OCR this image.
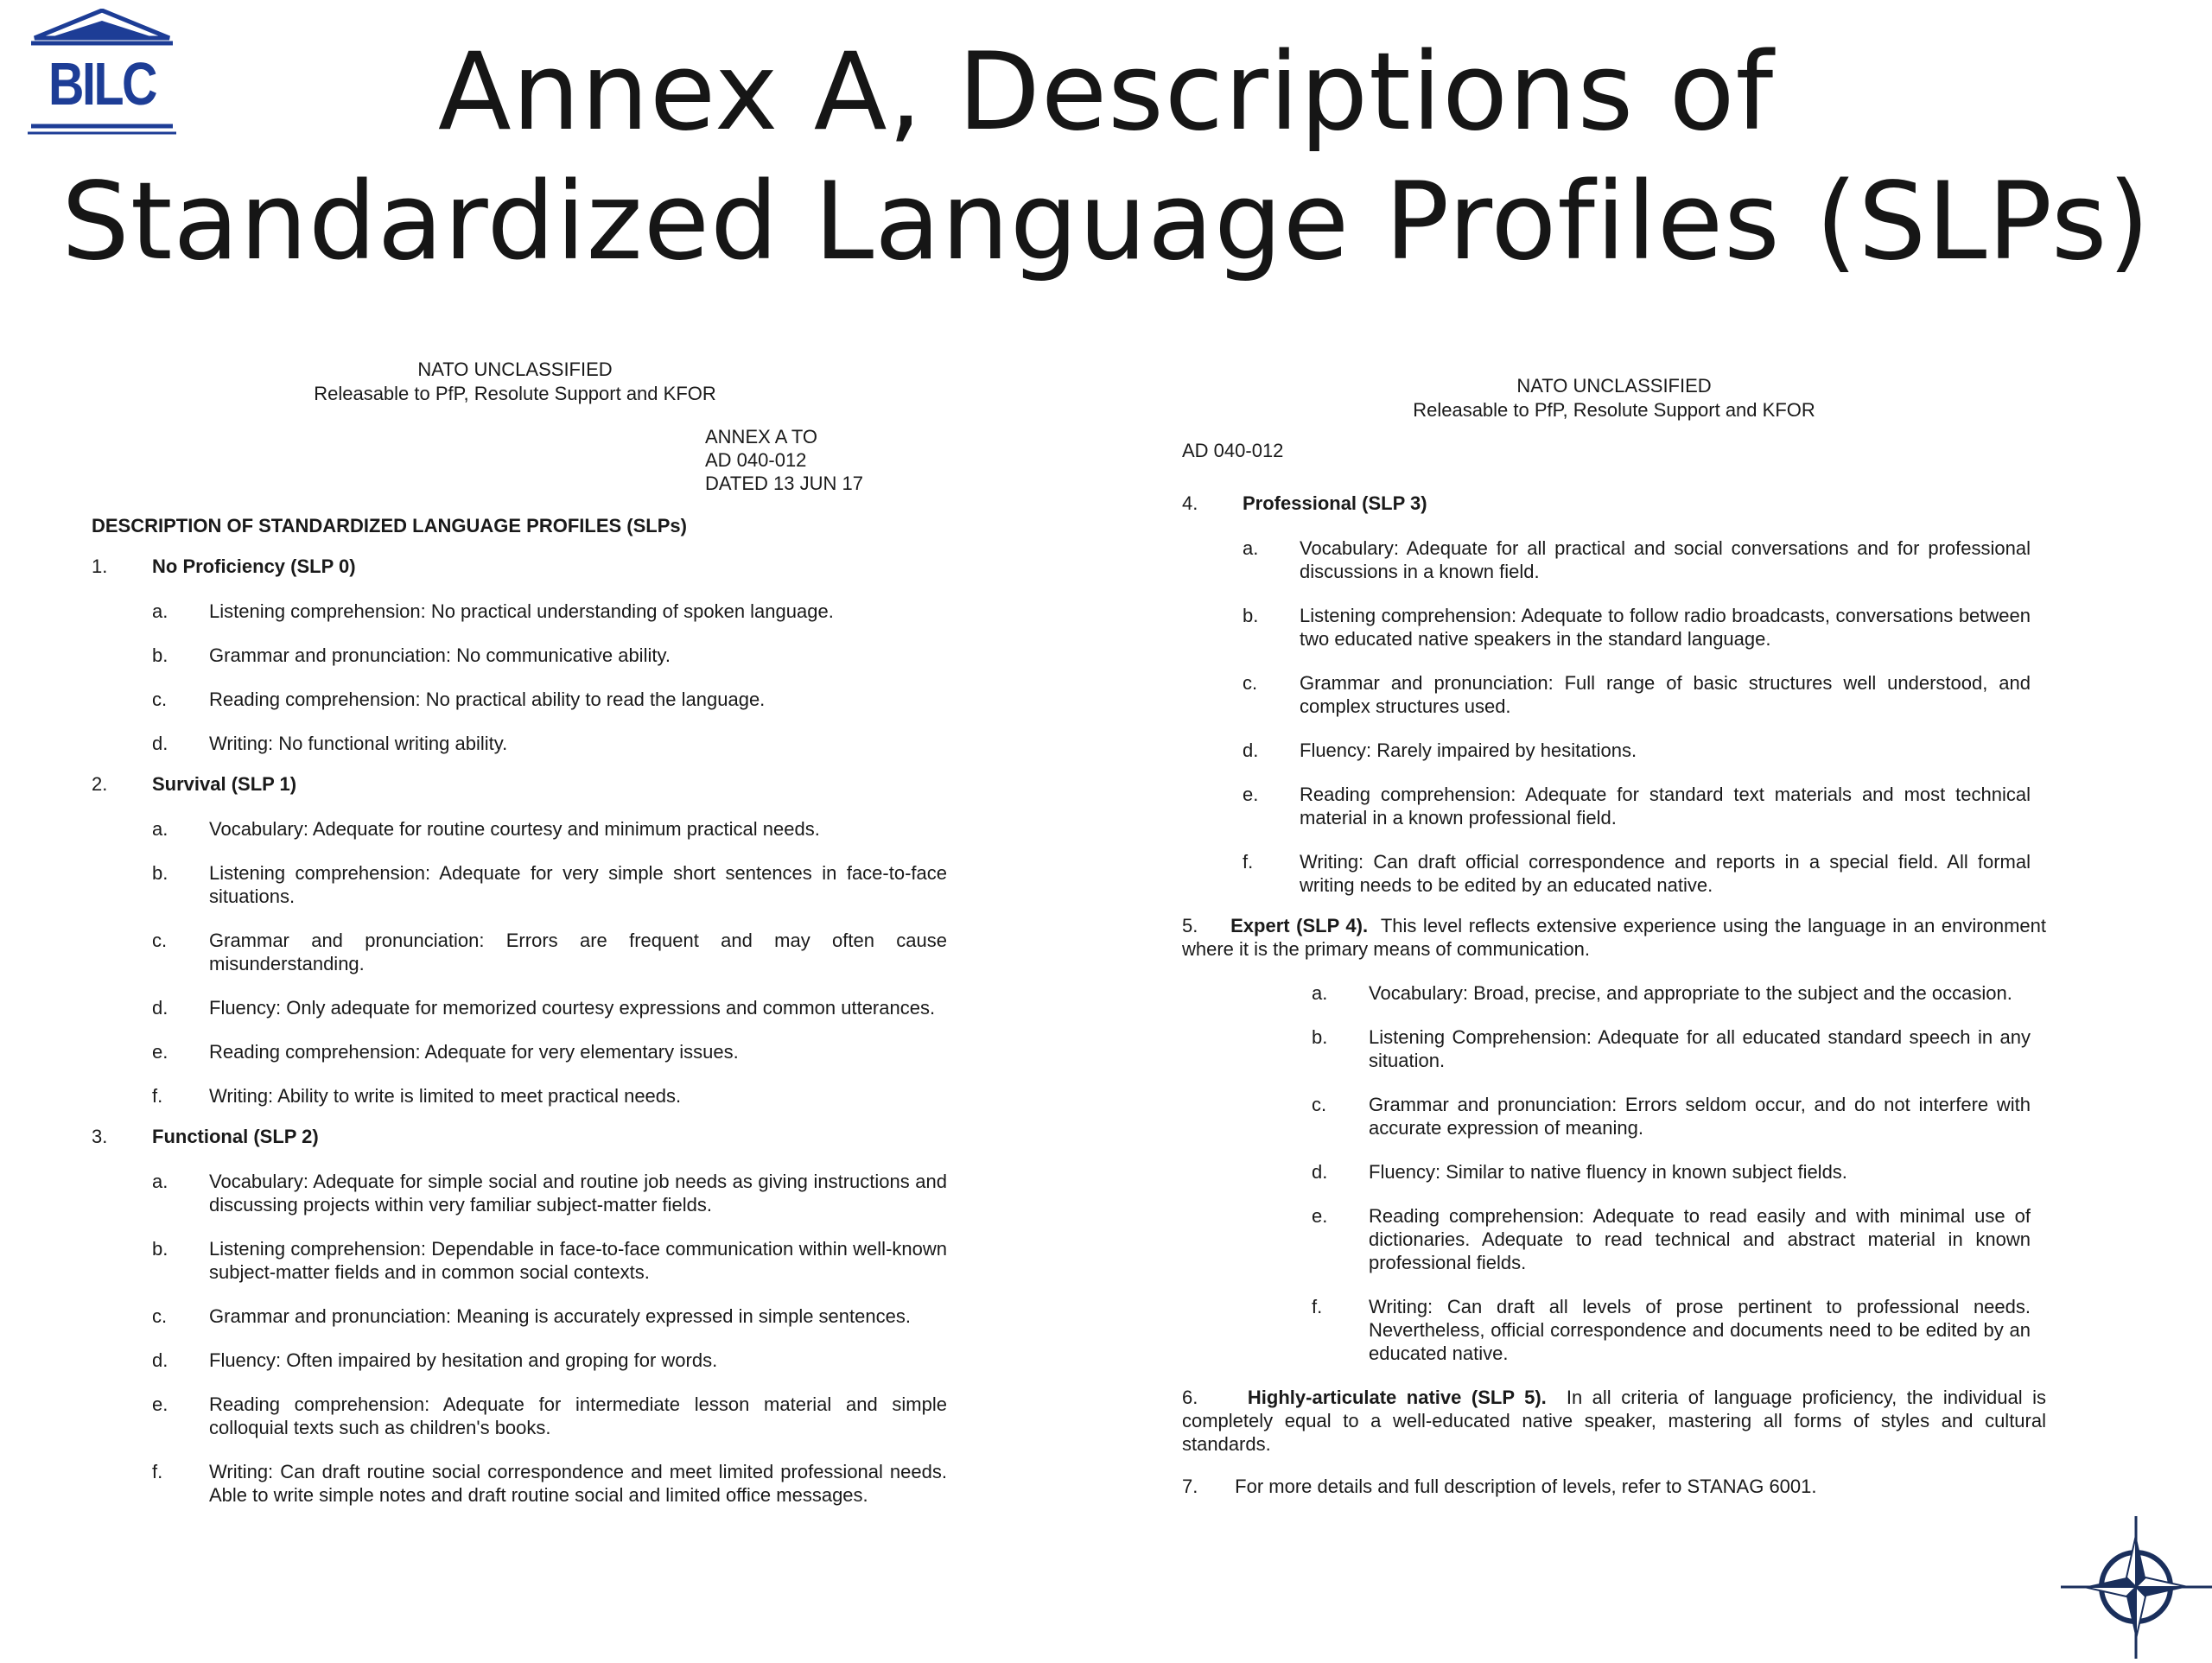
BILC	Annex A, Descriptions of
Standardized Language Profiles (SLPs)
NATO UNCLASSIFIED
Releasable to PfP, Resolute Support and KFOR
ANNEX A TO
AD 040-012
DATED 13 JUN 17
DESCRIPTION OF STANDARDIZED LANGUAGE PROFILES (SLPs)
1.	No Proficiency (SLP 0)
a.	Listening comprehension: No practical understanding of spoken language.
b.	Grammar and pronunciation: No communicative ability.
c.	Reading comprehension: No practical ability to read the language.
d.	Writing: No functional writing ability.
2.	Survival (SLP 1)
a.	Vocabulary: Adequate for routine courtesy and minimum practical needs.
b.	Listening comprehension: Adequate for very simple short sentences in face-to-face situations.
c.	Grammar and pronunciation: Errors are frequent and may often cause misunderstanding.
d.	Fluency: Only adequate for memorized courtesy expressions and common utterances.
e.	Reading comprehension: Adequate for very elementary issues.
f.	Writing: Ability to write is limited to meet practical needs.
3.	Functional (SLP 2)
a.	Vocabulary: Adequate for simple social and routine job needs as giving instructions and discussing projects within very familiar subject-matter fields.
b.	Listening comprehension: Dependable in face-to-face communication within well-known subject-matter fields and in common social contexts.
c.	Grammar and pronunciation: Meaning is accurately expressed in simple sentences.
d.	Fluency: Often impaired by hesitation and groping for words.
e.	Reading comprehension: Adequate for intermediate lesson material and simple colloquial texts such as children's books.
f.	Writing: Can draft routine social correspondence and meet limited professional needs. Able to write simple notes and draft routine social and limited office messages.
NATO UNCLASSIFIED
Releasable to PfP, Resolute Support and KFOR
AD 040-012
4.	Professional (SLP 3)
a.	Vocabulary: Adequate for all practical and social conversations and for professional discussions in a known field.
b.	Listening comprehension: Adequate to follow radio broadcasts, conversations between two educated native speakers in the standard language.
c.	Grammar and pronunciation: Full range of basic structures well understood, and complex structures used.
d.	Fluency: Rarely impaired by hesitations.
e.	Reading comprehension: Adequate for standard text materials and most technical material in a known professional field.
f.	Writing: Can draft official correspondence and reports in a special field. All formal writing needs to be edited by an educated native.
5. Expert (SLP 4). This level reflects extensive experience using the language in an environment where it is the primary means of communication.
a.	Vocabulary: Broad, precise, and appropriate to the subject and the occasion.
b.	Listening Comprehension: Adequate for all educated standard speech in any situation.
c.	Grammar and pronunciation: Errors seldom occur, and do not interfere with accurate expression of meaning.
d.	Fluency: Similar to native fluency in known subject fields.
e.	Reading comprehension: Adequate to read easily and with minimal use of dictionaries. Adequate to read technical and abstract material in known professional fields.
f.	Writing: Can draft all levels of prose pertinent to professional needs. Nevertheless, official correspondence and documents need to be edited by an educated native.
6.	Highly-articulate native (SLP 5). In all criteria of language proficiency, the individual is completely equal to a well-educated native speaker, mastering all forms of styles and cultural standards.
7. For more details and full description of levels, refer to STANAG 6001.
